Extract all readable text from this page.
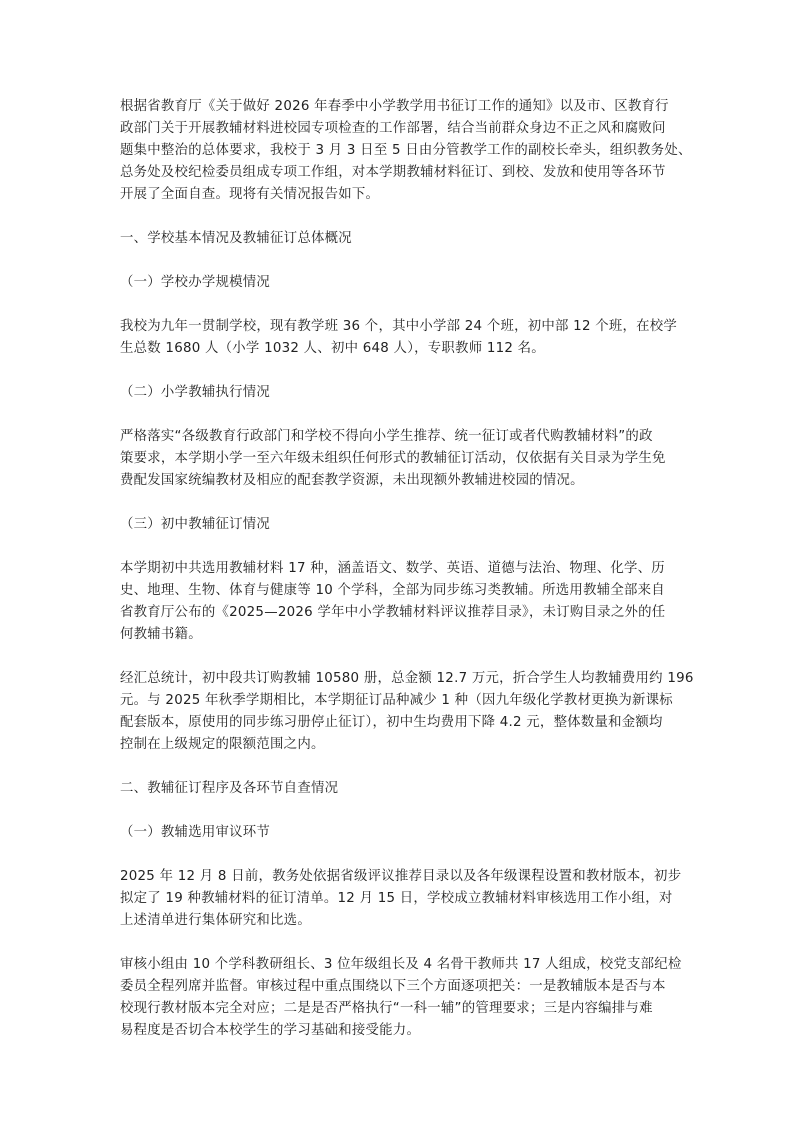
根据省教育厅《关于做好 2026 年春季中小学教学用书征订工作的通知》以及市、区教育行
政部门关于开展教辅材料进校园专项检查的工作部署，结合当前群众身边不正之风和腐败问
题集中整治的总体要求，我校于 3 月 3 日至 5 日由分管教学工作的副校长牵头，组织教务处、
总务处及校纪检委员组成专项工作组，对本学期教辅材料征订、到校、发放和使用等各环节
开展了全面自查。现将有关情况报告如下。

一、学校基本情况及教辅征订总体概况

（一）学校办学规模情况

我校为九年一贯制学校，现有教学班 36 个，其中小学部 24 个班，初中部 12 个班，在校学
生总数 1680 人（小学 1032 人、初中 648 人），专职教师 112 名。

（二）小学教辅执行情况

严格落实“各级教育行政部门和学校不得向小学生推荐、统一征订或者代购教辅材料”的政
策要求，本学期小学一至六年级未组织任何形式的教辅征订活动，仅依据有关目录为学生免
费配发国家统编教材及相应的配套教学资源，未出现额外教辅进校园的情况。

（三）初中教辅征订情况

本学期初中共选用教辅材料 17 种，涵盖语文、数学、英语、道德与法治、物理、化学、历
史、地理、生物、体育与健康等 10 个学科，全部为同步练习类教辅。所选用教辅全部来自
省教育厅公布的《2025—2026 学年中小学教辅材料评议推荐目录》，未订购目录之外的任
何教辅书籍。

经汇总统计，初中段共订购教辅 10580 册，总金额 12.7 万元，折合学生人均教辅费用约 196
元。与 2025 年秋季学期相比，本学期征订品种减少 1 种（因九年级化学教材更换为新课标
配套版本，原使用的同步练习册停止征订），初中生均费用下降 4.2 元，整体数量和金额均
控制在上级规定的限额范围之内。

二、教辅征订程序及各环节自查情况

（一）教辅选用审议环节

2025 年 12 月 8 日前，教务处依据省级评议推荐目录以及各年级课程设置和教材版本，初步
拟定了 19 种教辅材料的征订清单。12 月 15 日，学校成立教辅材料审核选用工作小组，对
上述清单进行集体研究和比选。

审核小组由 10 个学科教研组长、3 位年级组长及 4 名骨干教师共 17 人组成，校党支部纪检
委员全程列席并监督。审核过程中重点围绕以下三个方面逐项把关：一是教辅版本是否与本
校现行教材版本完全对应；二是是否严格执行“一科一辅”的管理要求；三是内容编排与难
易程度是否切合本校学生的学习基础和接受能力。
